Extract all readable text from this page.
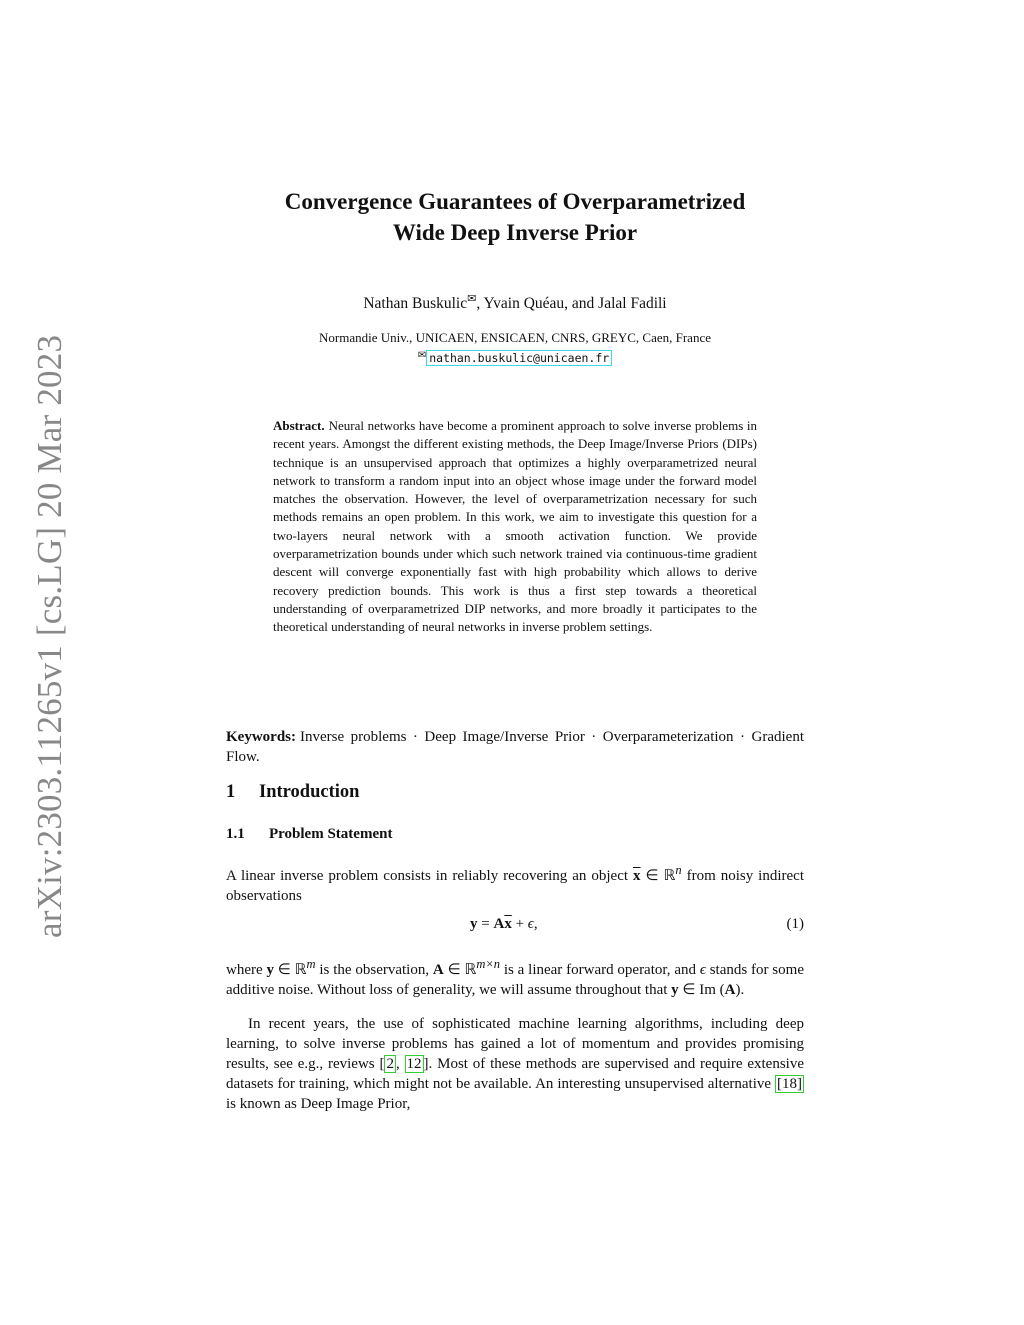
arXiv:2303.11265v1 [cs.LG] 20 Mar 2023
Convergence Guarantees of Overparametrized
Wide Deep Inverse Prior
Nathan Buskulic✉, Yvain Quéau, and Jalal Fadili
Normandie Univ., UNICAEN, ENSICAEN, CNRS, GREYC, Caen, France
✉ nathan.buskulic@unicaen.fr
Abstract. Neural networks have become a prominent approach to solve inverse problems in recent years. Amongst the different existing methods, the Deep Image/Inverse Priors (DIPs) technique is an unsupervised approach that optimizes a highly overparametrized neural network to transform a random input into an object whose image under the forward model matches the observation. However, the level of overparametrization necessary for such methods remains an open problem. In this work, we aim to investigate this question for a two-layers neural network with a smooth activation function. We provide overparametrization bounds under which such network trained via continuous-time gradient descent will converge exponentially fast with high probability which allows to derive recovery prediction bounds. This work is thus a first step towards a theoretical understanding of overparametrized DIP networks, and more broadly it participates to the theoretical understanding of neural networks in inverse problem settings.
Keywords: Inverse problems · Deep Image/Inverse Prior · Overparameterization · Gradient Flow.
1 Introduction
1.1 Problem Statement
A linear inverse problem consists in reliably recovering an object $\overline{x}$ ∈ ℝ$^n$ from noisy indirect observations
$y = A\overline{x} + \epsilon$,	(1)
where y ∈ ℝ$^m$ is the observation, A ∈ ℝ$^{m\times n}$ is a linear forward operator, and ϵ stands for some additive noise. Without loss of generality, we will assume throughout that y ∈ Im (A).
In recent years, the use of sophisticated machine learning algorithms, including deep learning, to solve inverse problems has gained a lot of momentum and provides promising results, see e.g., reviews [ 2 , 12 ]. Most of these methods are supervised and require extensive datasets for training, which might not be available. An interesting unsupervised alternative [18] is known as Deep Image Prior,
